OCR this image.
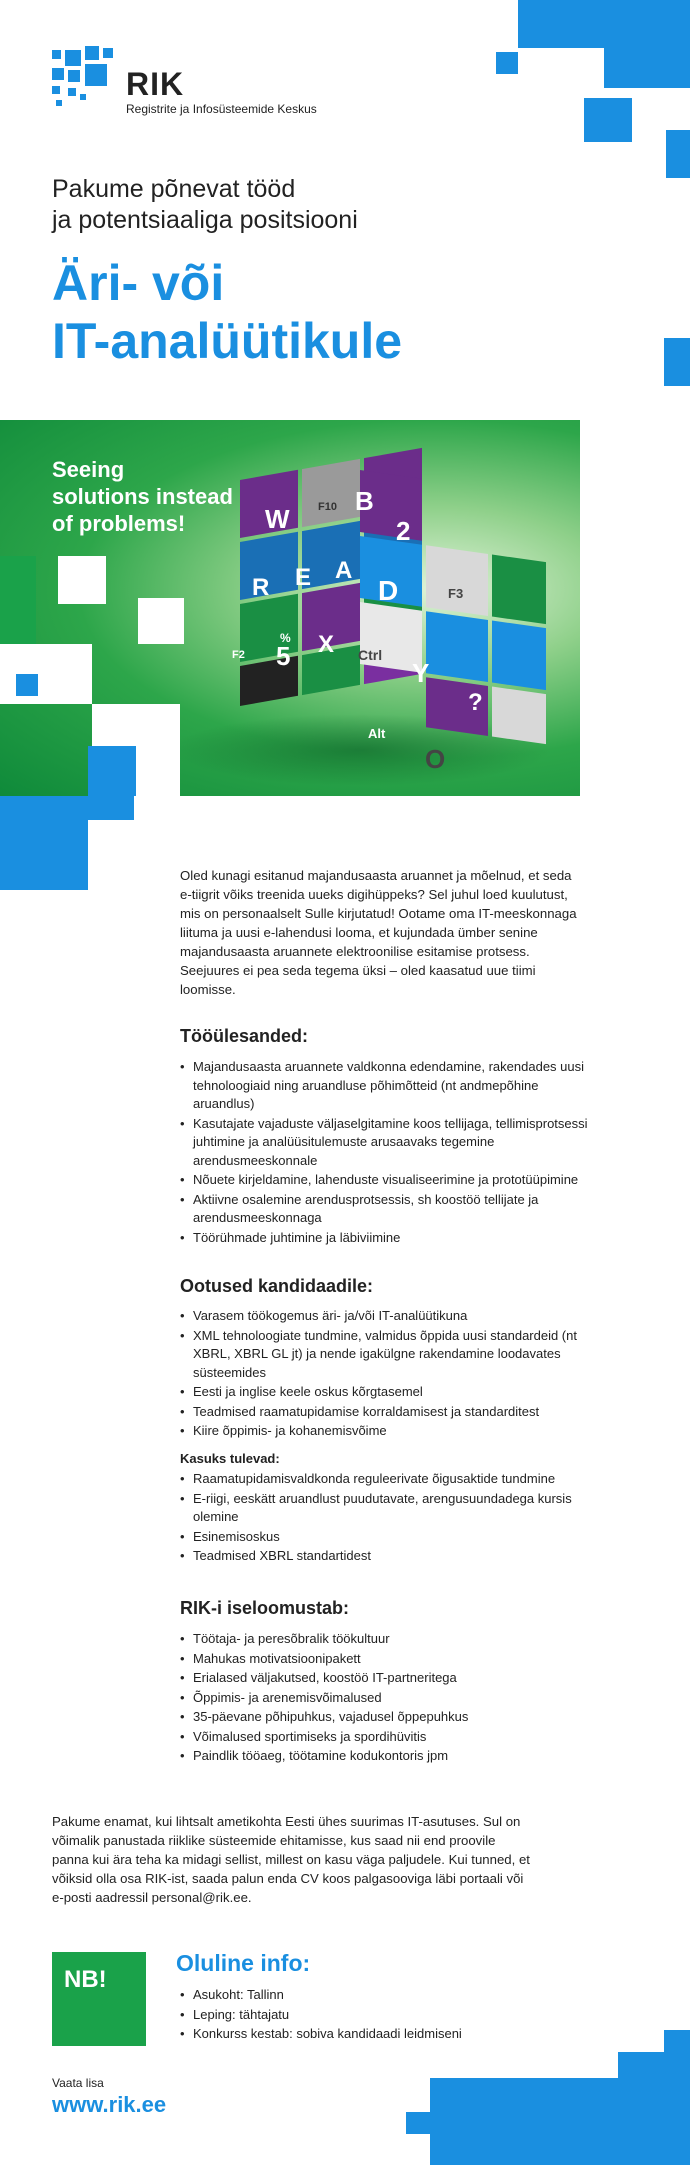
RIK
Registrite ja Infosüsteemide Keskus
Pakume põnevat tööd
ja potentsiaaliga positsiooni
Äri- või
IT-analüütikule
W	F10 B
2
R E A
D	F3
%
5 X Ctrl
Y
?
F2
Alt
O
Seeing
solutions instead
of problems!

Oled kunagi esitanud majandusaasta aruannet ja mõelnud, et seda e-tiigrit võiks treenida uueks digihüppeks? Sel juhul loed kuulutust, mis on personaalselt Sulle kirjutatud! Ootame oma IT-meeskonnaga liituma ja uusi e-lahendusi looma, et kujundada ümber senine majandusaasta aruannete elektroonilise esitamise protsess. Seejuures ei pea seda tegema üksi – oled kaasatud uue tiimi loomisse.

Tööülesanded:
• Majandusaasta aruannete valdkonna edendamine, rakendades uusi tehnoloogiaid ning aruandluse põhimõtteid (nt andmepõhine aruandlus)
• Kasutajate vajaduste väljaselgitamine koos tellijaga, tellimisprotsessi juhtimine ja analüüsitulemuste arusaavaks tegemine arendusmeeskonnale
• Nõuete kirjeldamine, lahenduste visualiseerimine ja prototüüpimine
• Aktiivne osalemine arendusprotsessis, sh koostöö tellijate ja arendusmeeskonnaga
• Töörühmade juhtimine ja läbiviimine
Ootused kandidaadile:
• Varasem töökogemus äri- ja/või IT-analüütikuna
• XML tehnoloogiate tundmine, valmidus õppida uusi standardeid (nt XBRL, XBRL GL jt) ja nende igakülgne rakendamine loodavates süsteemides
• Eesti ja inglise keele oskus kõrgtasemel
• Teadmised raamatupidamise korraldamisest ja standarditest
• Kiire õppimis- ja kohanemisvõime
Kasuks tulevad:
• Raamatupidamisvaldkonda reguleerivate õigusaktide tundmine
• E-riigi, eeskätt aruandlust puudutavate, arengusuundadega kursis olemine
• Esinemisoskus
• Teadmised XBRL standartidest
RIK-i iseloomustab:
• Töötaja- ja peresõbralik töökultuur
• Mahukas motivatsioonipakett
• Erialased väljakutsed, koostöö IT-partneritega
• Õppimis- ja arenemisvõimalused
• 35-päevane põhipuhkus, vajadusel õppepuhkus
• Võimalused sportimiseks ja spordihüvitis
• Paindlik tööaeg, töötamine kodukontoris jpm

Pakume enamat, kui lihtsalt ametikohta Eesti ühes suurimas IT-asutuses. Sul on võimalik panustada riiklike süsteemide ehitamisse, kus saad nii end proovile panna kui ära teha ka midagi sellist, millest on kasu väga paljudele. Kui tunned, et võiksid olla osa RIK-ist, saada palun enda CV koos palgasooviga läbi portaali või e-posti aadressil personal@rik.ee.

NB!
Oluline info:
• Asukoht: Tallinn
• Leping: tähtajatu
• Konkurss kestab: sobiva kandidaadi leidmiseni
Vaata lisa
www.rik.ee
